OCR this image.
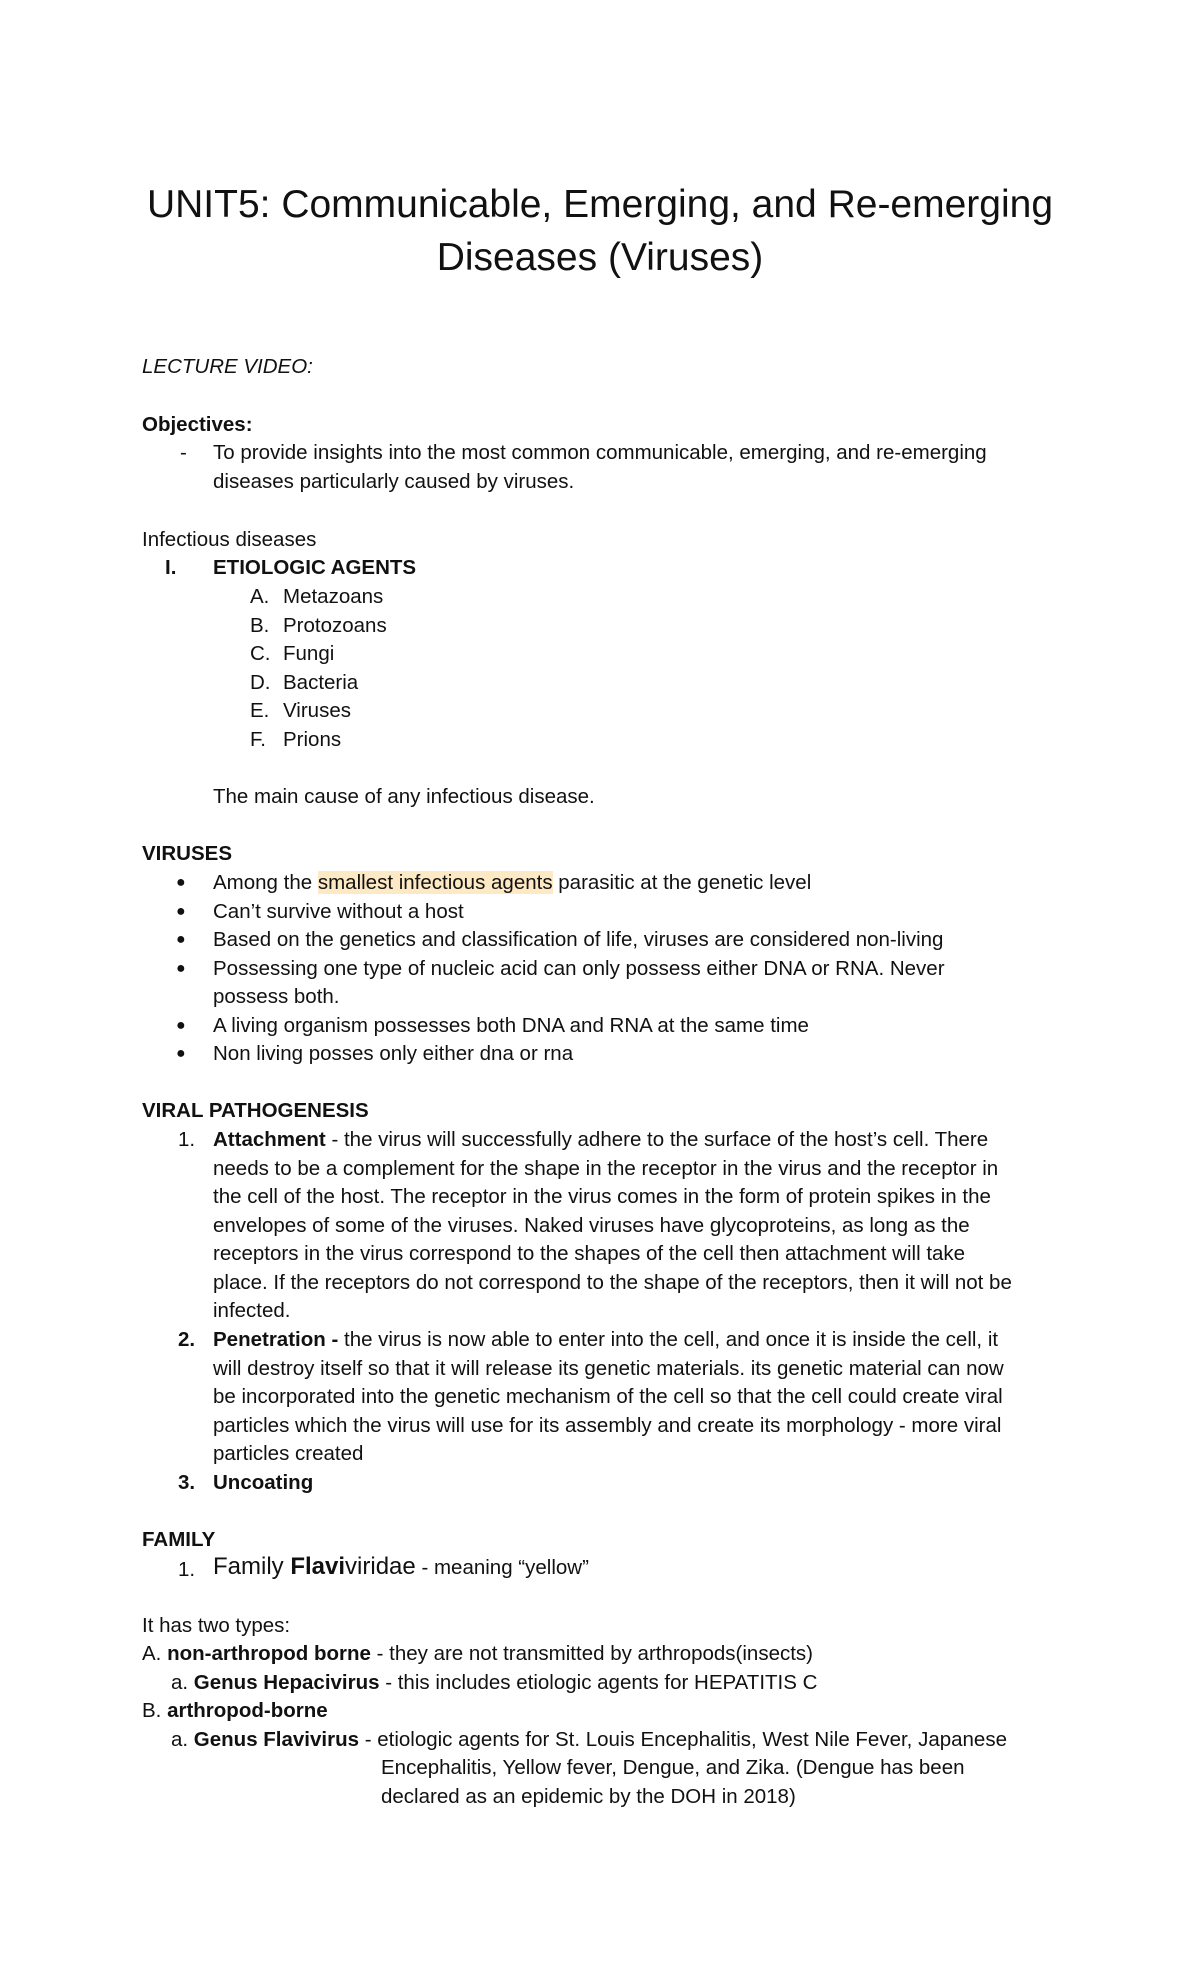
UNIT5: Communicable, Emerging, and Re-emerging
Diseases (Viruses)
LECTURE VIDEO:
Objectives:
- To provide insights into the most common communicable, emerging, and re-emerging
diseases particularly caused by viruses.
Infectious diseases
I. ETIOLOGIC AGENTS
A. Metazoans
B. Protozoans
C. Fungi
D. Bacteria
E. Viruses
F. Prions
The main cause of any infectious disease.
VIRUSES
● Among the smallest infectious agents parasitic at the genetic level
● Can’t survive without a host
● Based on the genetics and classification of life, viruses are considered non-living
● Possessing one type of nucleic acid can only possess either DNA or RNA. Never
possess both.
● A living organism possesses both DNA and RNA at the same time
● Non living posses only either dna or rna
VIRAL PATHOGENESIS
1. Attachment - the virus will successfully adhere to the surface of the host’s cell. There
needs to be a complement for the shape in the receptor in the virus and the receptor in
the cell of the host. The receptor in the virus comes in the form of protein spikes in the
envelopes of some of the viruses. Naked viruses have glycoproteins, as long as the
receptors in the virus correspond to the shapes of the cell then attachment will take
place. If the receptors do not correspond to the shape of the receptors, then it will not be
infected.
2. Penetration - the virus is now able to enter into the cell, and once it is inside the cell, it
will destroy itself so that it will release its genetic materials. its genetic material can now
be incorporated into the genetic mechanism of the cell so that the cell could create viral
particles which the virus will use for its assembly and create its morphology - more viral
particles created
3. Uncoating
FAMILY
1. Family Flaviviridae - meaning “yellow”
It has two types:
A. non-arthropod borne - they are not transmitted by arthropods(insects)
a. Genus Hepacivirus - this includes etiologic agents for HEPATITIS C
B. arthropod-borne
a. Genus Flavivirus - etiologic agents for St. Louis Encephalitis, West Nile Fever, Japanese
Encephalitis, Yellow fever, Dengue, and Zika. (Dengue has been
declared as an epidemic by the DOH in 2018)
